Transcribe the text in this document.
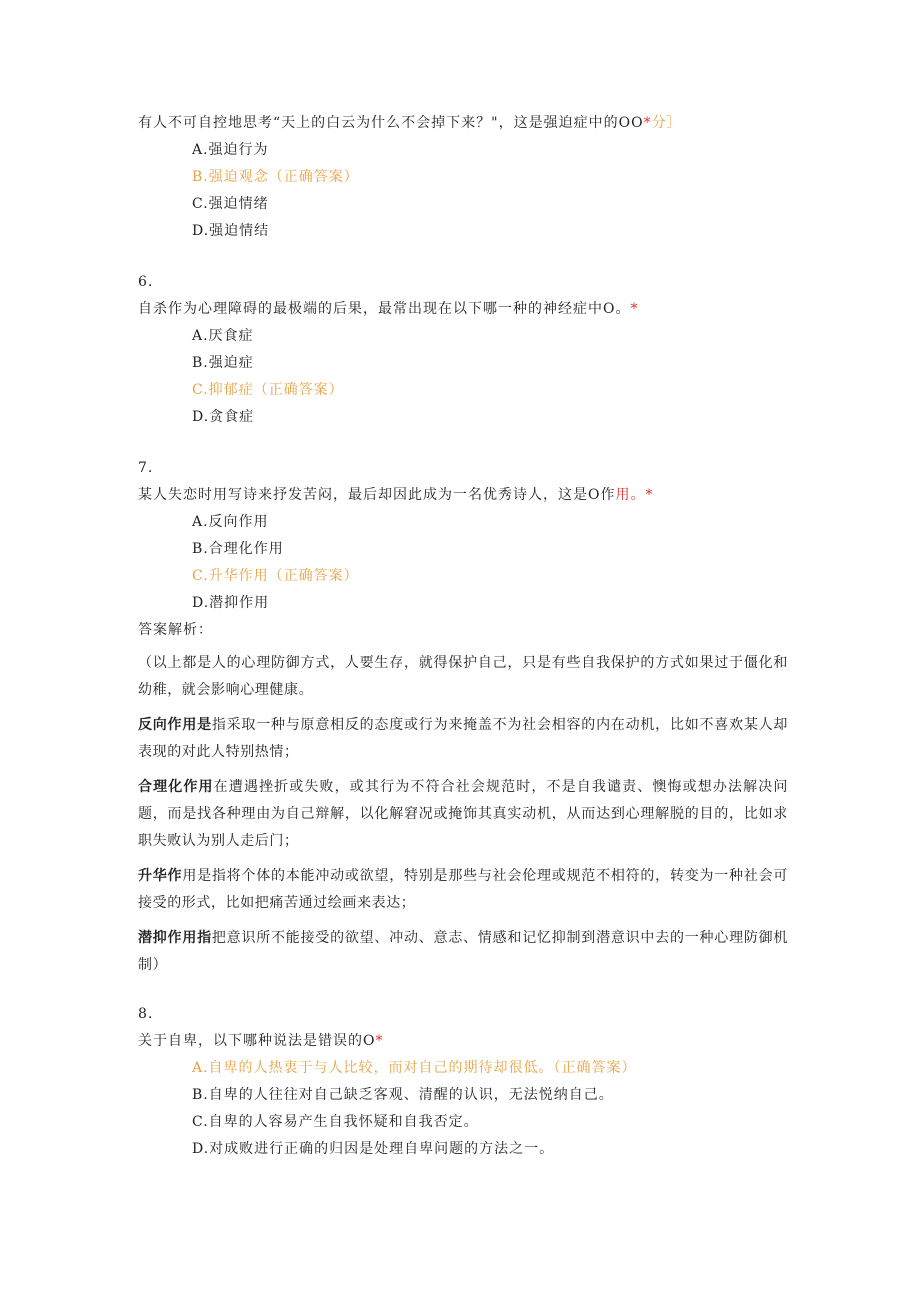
有人不可自控地思考“天上的白云为什么不会掉下来？"，这是强迫症中的OO*分］
A.强迫行为
B.强迫观念（正确答案）
C.强迫情绪
D.强迫情结
6.
自杀作为心理障碍的最极端的后果，最常出现在以下哪一种的神经症中O。*
A.厌食症
B.强迫症
C.抑郁症（正确答案）
D.贪食症
7.
某人失恋时用写诗来抒发苦闷，最后却因此成为一名优秀诗人，这是O作用。*
A.反向作用
B.合理化作用
C.升华作用（正确答案）
D.潜抑作用
答案解析：

（以上都是人的心理防御方式，人要生存，就得保护自己，只是有些自我保护的方式如果过于僵化和幼稚，就会影响心理健康。

反向作用是指采取一种与原意相反的态度或行为来掩盖不为社会相容的内在动机，比如不喜欢某人却表现的对此人特别热情；

合理化作用在遭遇挫折或失败，或其行为不符合社会规范时，不是自我谴责、懊悔或想办法解决问题，而是找各种理由为自己辩解，以化解窘况或掩饰其真实动机，从而达到心理解脱的目的，比如求职失败认为别人走后门；

升华作用是指将个体的本能冲动或欲望，特别是那些与社会伦理或规范不相符的，转变为一种社会可接受的形式，比如把痛苦通过绘画来表达；

潜抑作用指把意识所不能接受的欲望、冲动、意志、情感和记忆抑制到潜意识中去的一种心理防御机制）

8.
关于自卑，以下哪种说法是错误的O*
A.自卑的人热衷于与人比较，而对自己的期待却很低。（正确答案）
B.自卑的人往往对自己缺乏客观、清醒的认识，无法悦纳自己。
C.自卑的人容易产生自我怀疑和自我否定。
D.对成败进行正确的归因是处理自卑问题的方法之一。
